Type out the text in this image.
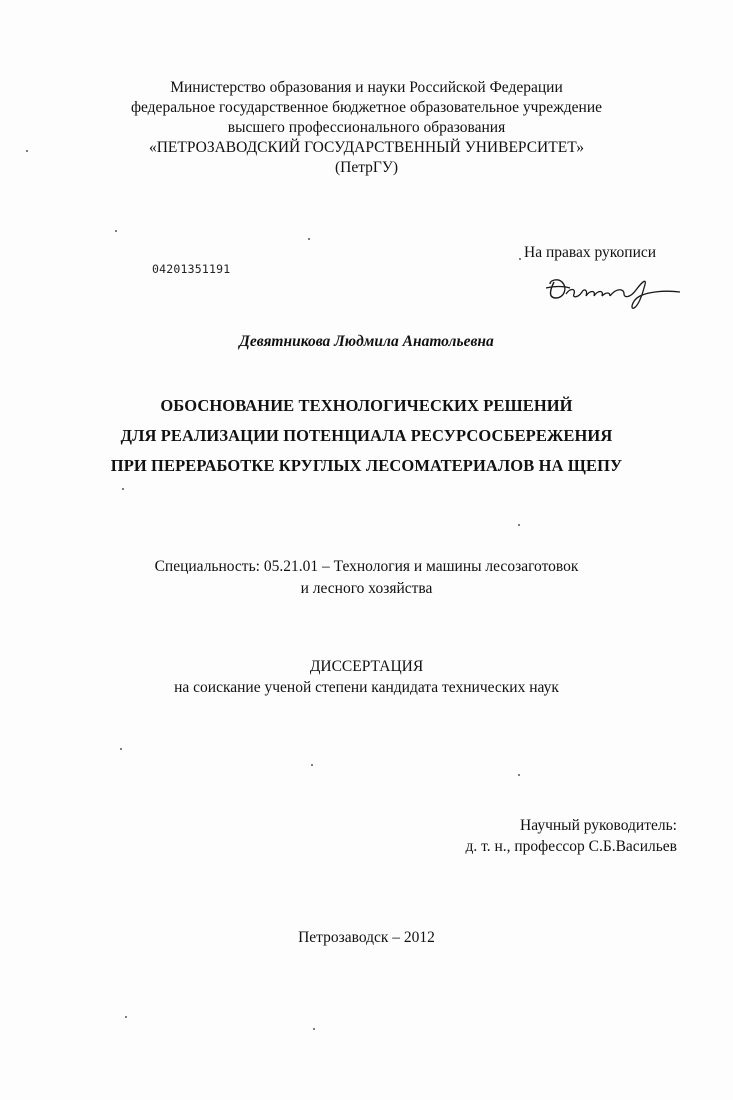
Министерство образования и науки Российской Федерации
федеральное государственное бюджетное образовательное учреждение
высшего профессионального образования
«ПЕТРОЗАВОДСКИЙ ГОСУДАРСТВЕННЫЙ УНИВЕРСИТЕТ»
(ПетрГУ)
04201351191
На правах рукописи
Девятникова Людмила Анатольевна
ОБОСНОВАНИЕ ТЕХНОЛОГИЧЕСКИХ РЕШЕНИЙ
ДЛЯ РЕАЛИЗАЦИИ ПОТЕНЦИАЛА РЕСУРСОСБЕРЕЖЕНИЯ
ПРИ ПЕРЕРАБОТКЕ КРУГЛЫХ ЛЕСОМАТЕРИАЛОВ НА ЩЕПУ
Специальность: 05.21.01 – Технология и машины лесозаготовок
и лесного хозяйства
ДИССЕРТАЦИЯ
на соискание ученой степени кандидата технических наук
Научный руководитель:
д. т. н., профессор С.Б.Васильев
Петрозаводск – 2012
